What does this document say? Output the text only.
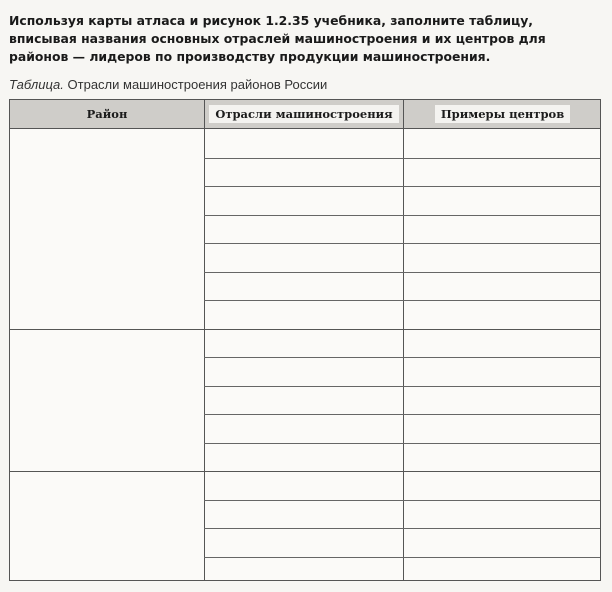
Используя карты атласа и рисунок 1.2.35 учебника, заполните таблицу, вписывая названия основных отраслей машиностроения и их центров для районов — лидеров по производству продукции машиностроения.

Таблица. Отрасли машиностроения районов России
Район	Отрасли машиностроения	Примеры центров
